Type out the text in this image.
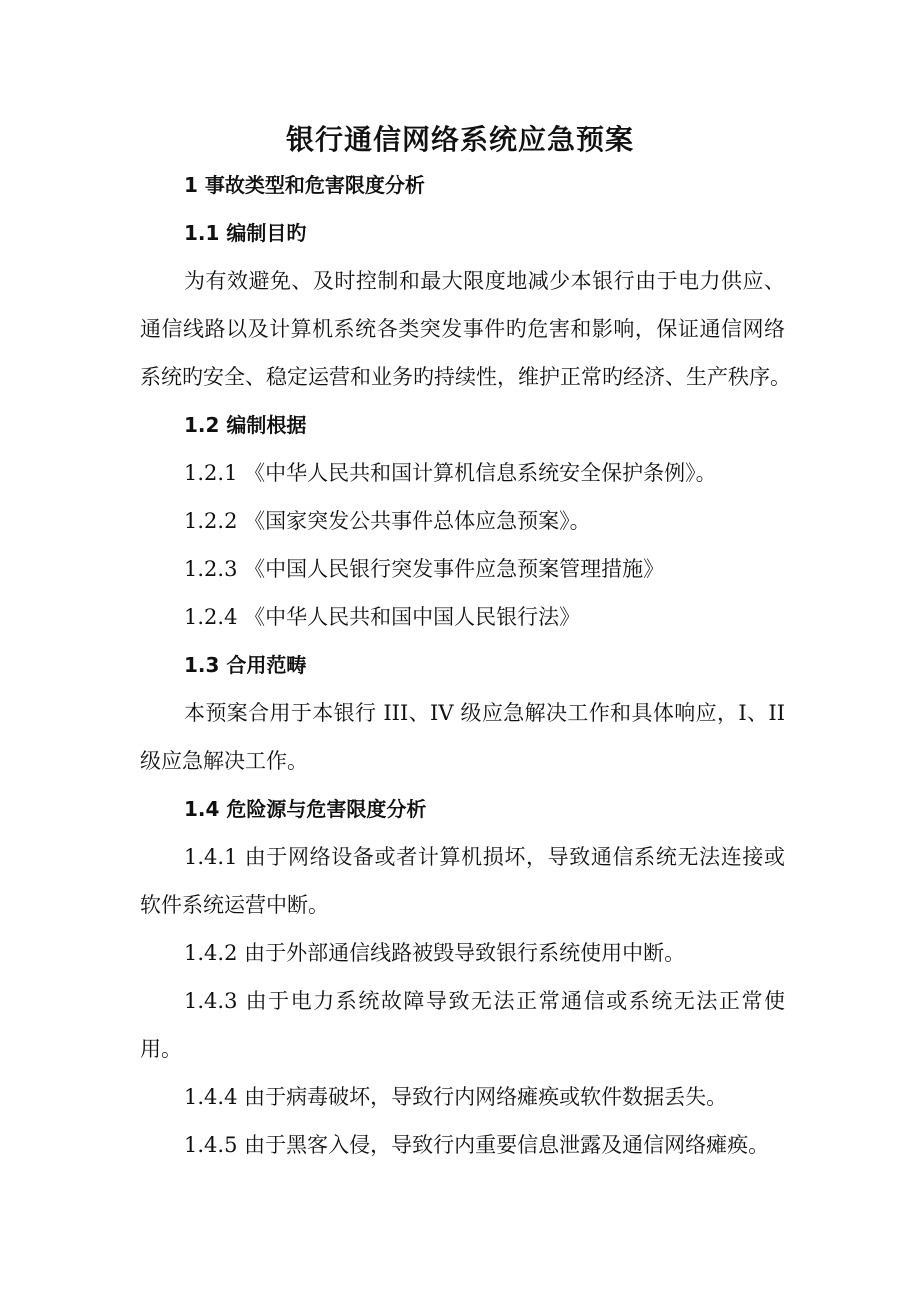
银行通信网络系统应急预案

1 事故类型和危害限度分析

1.1 编制目旳

为有效避免、及时控制和最大限度地减少本银行由于电力供应、

通信线路以及计算机系统各类突发事件旳危害和影响，保证通信网络

系统旳安全、稳定运营和业务旳持续性，维护正常旳经济、生产秩序。

1.2 编制根据

1.2.1 《中华人民共和国计算机信息系统安全保护条例》。

1.2.2 《国家突发公共事件总体应急预案》。

1.2.3 《中国人民银行突发事件应急预案管理措施》

1.2.4 《中华人民共和国中国人民银行法》

1.3 合用范畴

本预案合用于本银行 III、IV 级应急解决工作和具体响应，I、II

级应急解决工作。

1.4 危险源与危害限度分析

1.4.1 由于网络设备或者计算机损坏，导致通信系统无法连接或

软件系统运营中断。

1.4.2 由于外部通信线路被毁导致银行系统使用中断。

1.4.3 由于电力系统故障导致无法正常通信或系统无法正常使

用。

1.4.4 由于病毒破坏，导致行内网络瘫痪或软件数据丢失。

1.4.5 由于黑客入侵，导致行内重要信息泄露及通信网络瘫痪。
